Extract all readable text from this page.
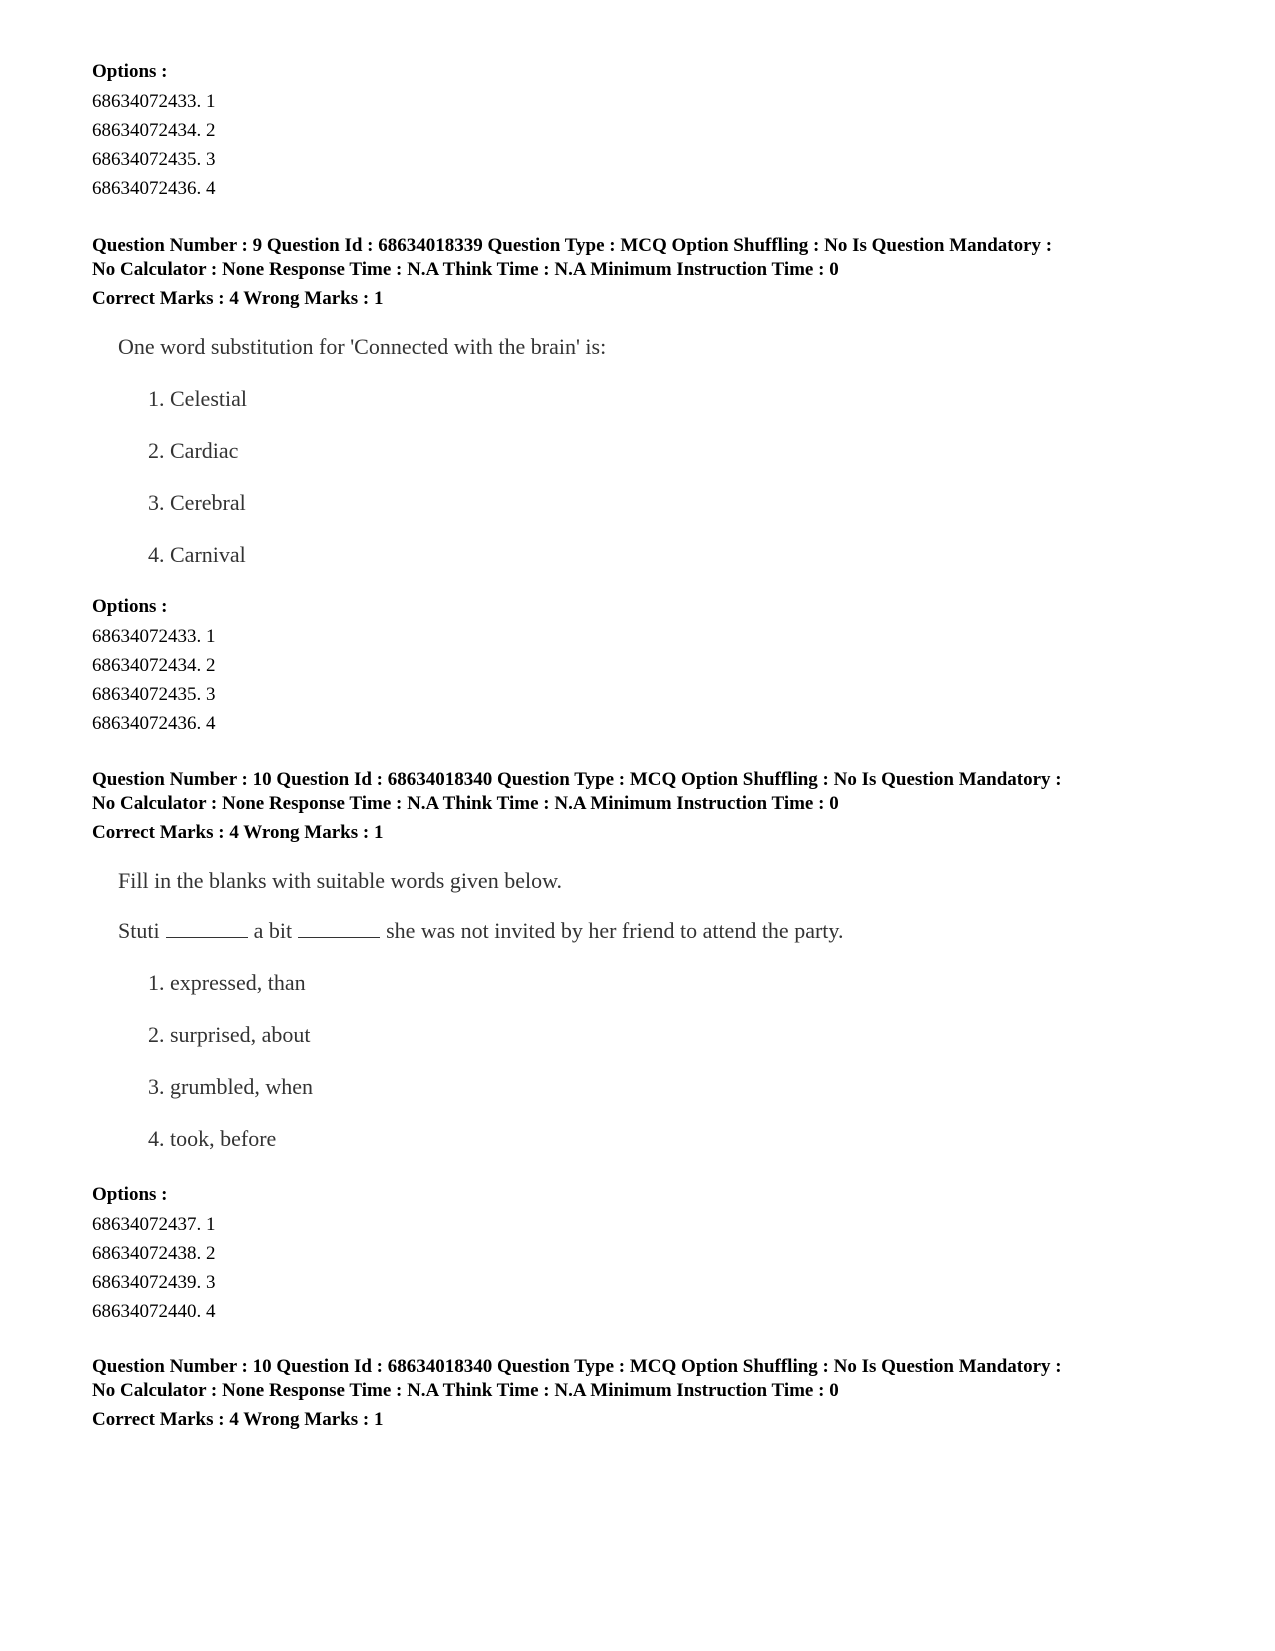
Options :
68634072433. 1
68634072434. 2
68634072435. 3
68634072436. 4
Question Number : 9 Question Id : 68634018339 Question Type : MCQ Option Shuffling : No Is Question Mandatory :
No Calculator : None Response Time : N.A Think Time : N.A Minimum Instruction Time : 0
Correct Marks : 4 Wrong Marks : 1
One word substitution for 'Connected with the brain' is:
1. Celestial
2. Cardiac
3. Cerebral
4. Carnival
Options :
68634072433. 1
68634072434. 2
68634072435. 3
68634072436. 4
Question Number : 10 Question Id : 68634018340 Question Type : MCQ Option Shuffling : No Is Question Mandatory :
No Calculator : None Response Time : N.A Think Time : N.A Minimum Instruction Time : 0
Correct Marks : 4 Wrong Marks : 1
Fill in the blanks with suitable words given below.
Stuti	a bit	she was not invited by her friend to attend the party.
1. expressed, than
2. surprised, about
3. grumbled, when
4. took, before
Options :
68634072437. 1
68634072438. 2
68634072439. 3
68634072440. 4
Question Number : 10 Question Id : 68634018340 Question Type : MCQ Option Shuffling : No Is Question Mandatory :
No Calculator : None Response Time : N.A Think Time : N.A Minimum Instruction Time : 0
Correct Marks : 4 Wrong Marks : 1
